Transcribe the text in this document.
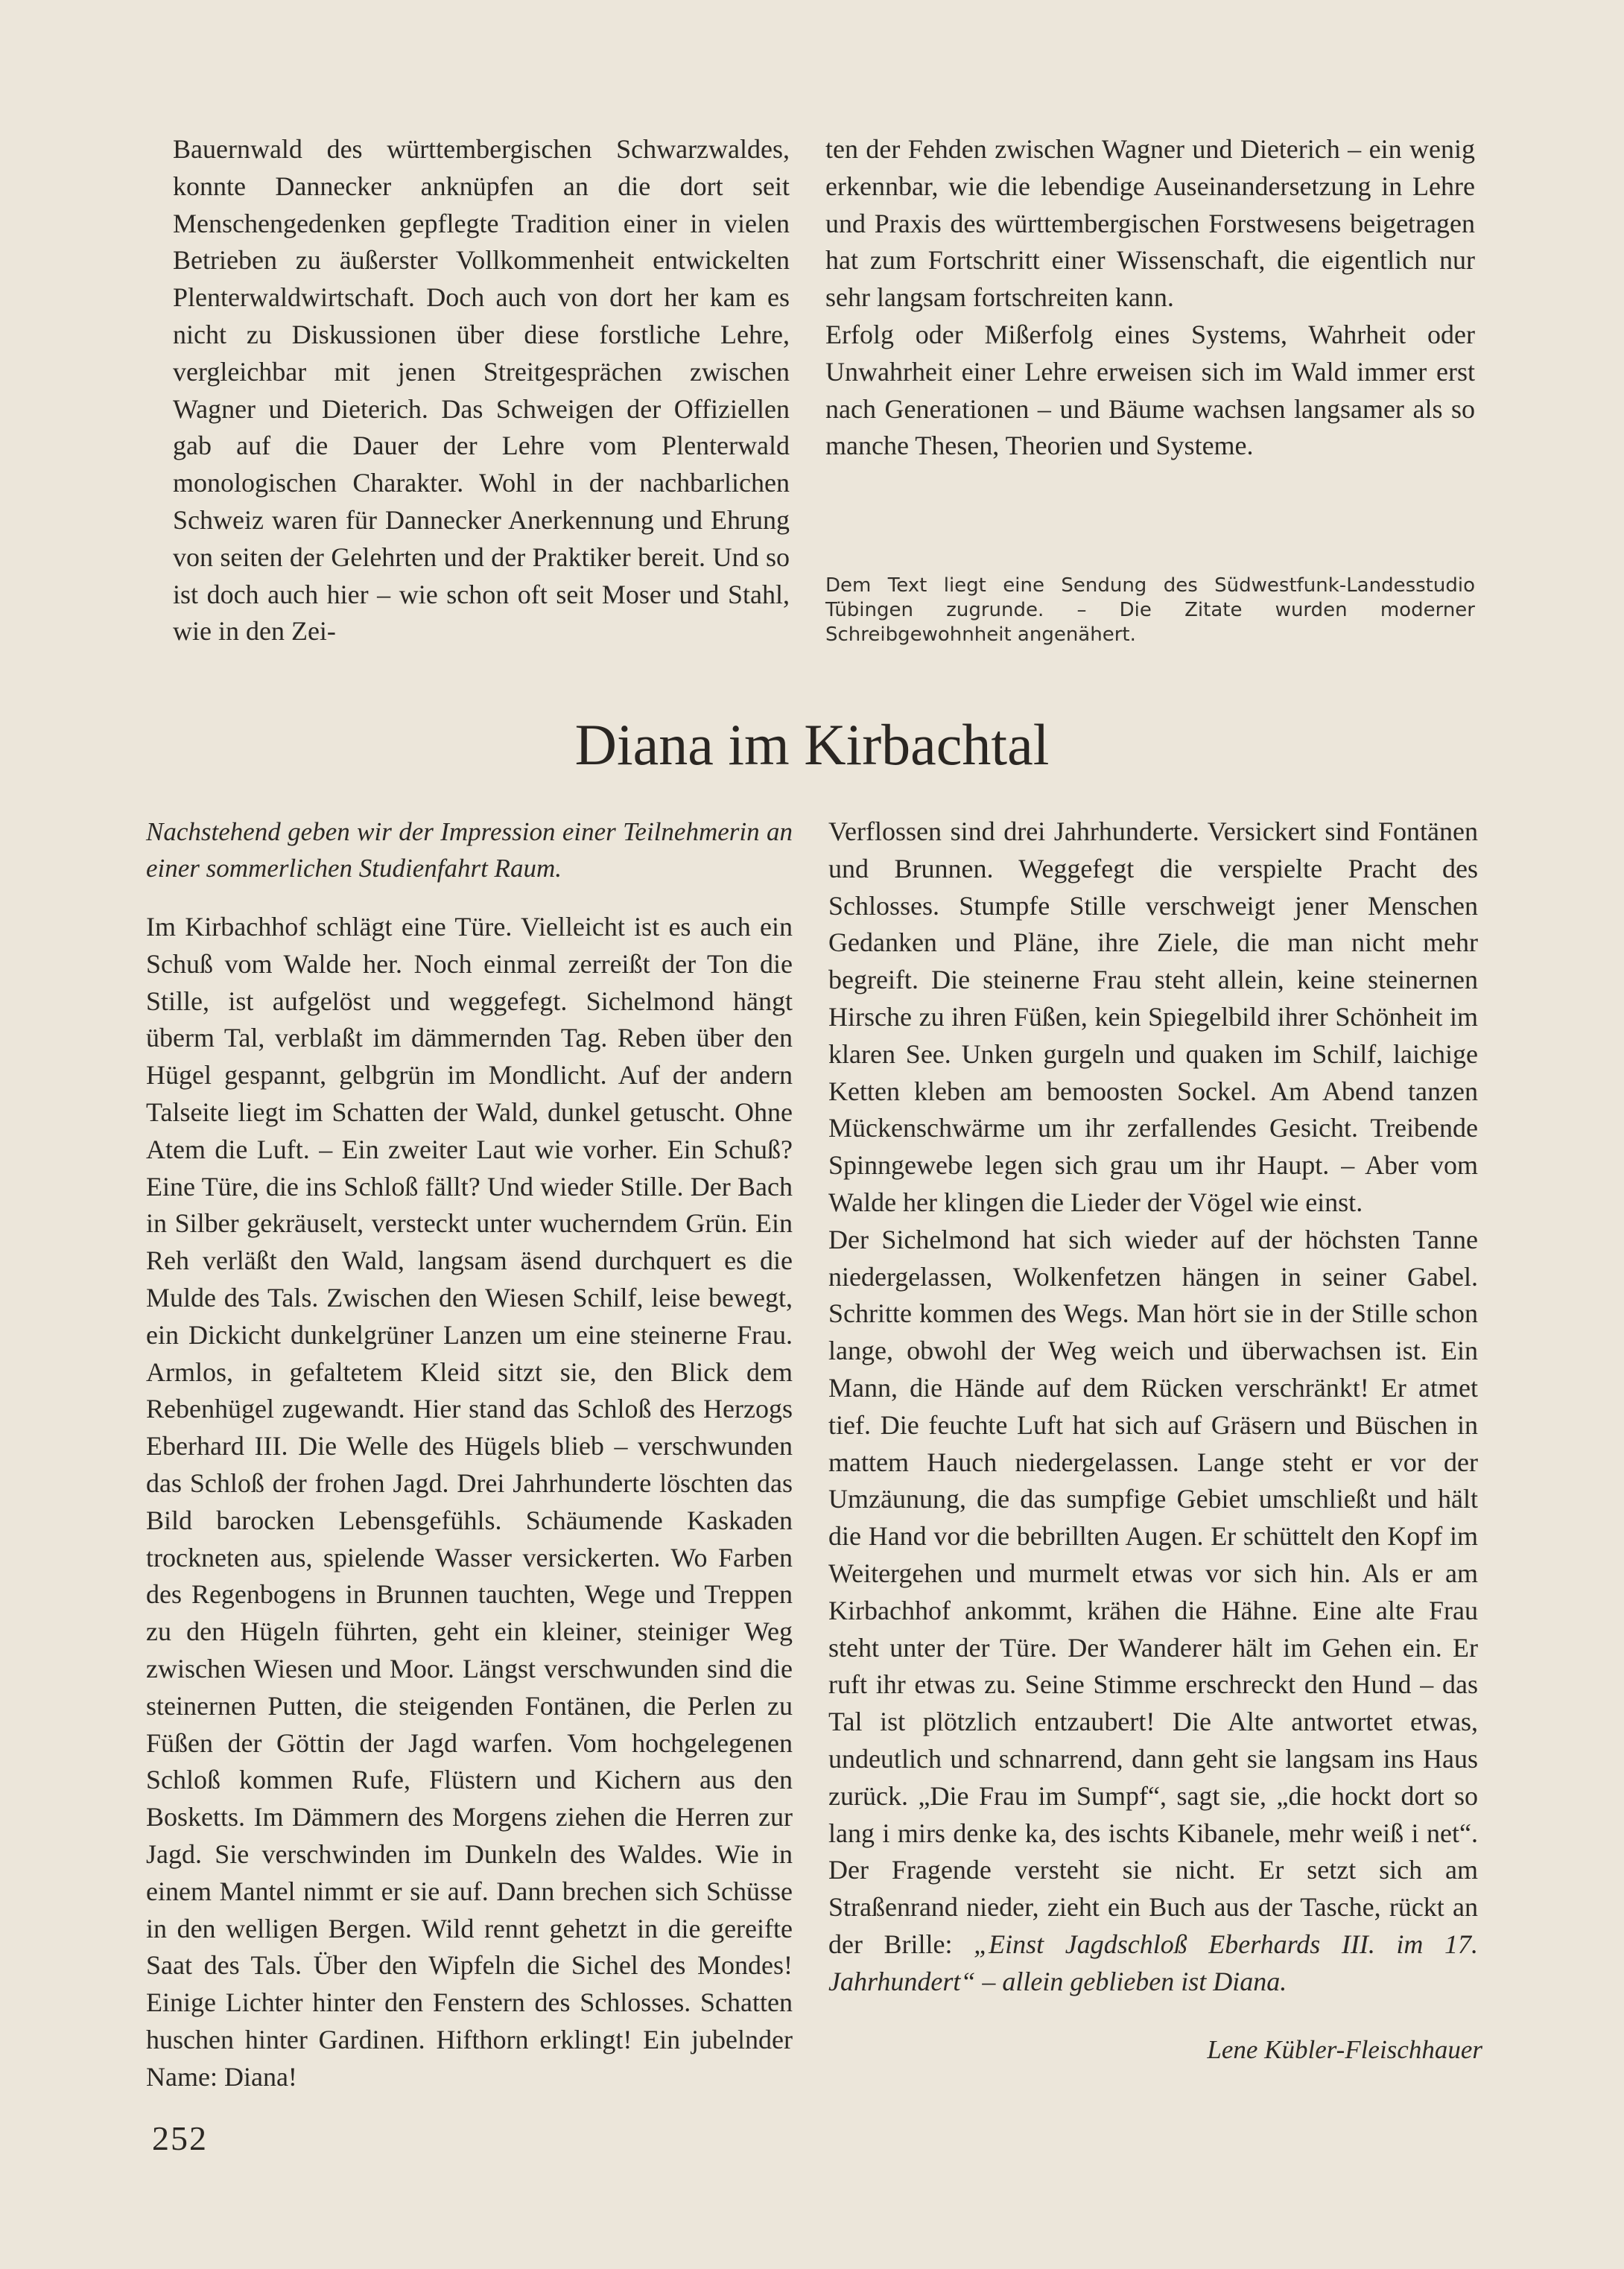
Bauernwald des württembergischen Schwarzwaldes, konnte Dannecker anknüpfen an die dort seit Menschengedenken gepflegte Tradition einer in vielen Betrieben zu äußerster Vollkommenheit entwickelten Plenterwaldwirtschaft. Doch auch von dort her kam es nicht zu Diskussionen über diese forstliche Lehre, vergleichbar mit jenen Streitgesprächen zwischen Wagner und Dieterich. Das Schweigen der Offiziellen gab auf die Dauer der Lehre vom Plenterwald monologischen Charakter. Wohl in der nachbarlichen Schweiz waren für Dannecker Anerkennung und Ehrung von seiten der Gelehrten und der Praktiker bereit. Und so ist doch auch hier – wie schon oft seit Moser und Stahl, wie in den Zei-

ten der Fehden zwischen Wagner und Dieterich – ein wenig erkennbar, wie die lebendige Auseinandersetzung in Lehre und Praxis des württembergischen Forstwesens beigetragen hat zum Fortschritt einer Wissenschaft, die eigentlich nur sehr langsam fortschreiten kann.

Erfolg oder Mißerfolg eines Systems, Wahrheit oder Unwahrheit einer Lehre erweisen sich im Wald immer erst nach Generationen – und Bäume wachsen langsamer als so manche Thesen, Theorien und Systeme.

Dem Text liegt eine Sendung des Südwestfunk-Landesstudio Tübingen zugrunde. – Die Zitate wurden moderner Schreibgewohnheit angenähert.
Diana im Kirbachtal
Nachstehend geben wir der Impression einer Teilnehmerin an einer sommerlichen Studienfahrt Raum.

Im Kirbachhof schlägt eine Türe. Vielleicht ist es auch ein Schuß vom Walde her. Noch einmal zerreißt der Ton die Stille, ist aufgelöst und weggefegt. Sichelmond hängt überm Tal, verblaßt im dämmernden Tag. Reben über den Hügel gespannt, gelbgrün im Mondlicht. Auf der andern Talseite liegt im Schatten der Wald, dunkel getuscht. Ohne Atem die Luft. – Ein zweiter Laut wie vorher. Ein Schuß? Eine Türe, die ins Schloß fällt? Und wieder Stille. Der Bach in Silber gekräuselt, versteckt unter wucherndem Grün. Ein Reh verläßt den Wald, langsam äsend durchquert es die Mulde des Tals. Zwischen den Wiesen Schilf, leise bewegt, ein Dickicht dunkelgrüner Lanzen um eine steinerne Frau. Armlos, in gefaltetem Kleid sitzt sie, den Blick dem Rebenhügel zugewandt. Hier stand das Schloß des Herzogs Eberhard III. Die Welle des Hügels blieb – verschwunden das Schloß der frohen Jagd. Drei Jahrhunderte löschten das Bild barocken Lebensgefühls. Schäumende Kaskaden trockneten aus, spielende Wasser versickerten. Wo Farben des Regenbogens in Brunnen tauchten, Wege und Treppen zu den Hügeln führten, geht ein kleiner, steiniger Weg zwischen Wiesen und Moor. Längst verschwunden sind die steinernen Putten, die steigenden Fontänen, die Perlen zu Füßen der Göttin der Jagd warfen. Vom hochgelegenen Schloß kommen Rufe, Flüstern und Kichern aus den Bosketts. Im Dämmern des Morgens ziehen die Herren zur Jagd. Sie verschwinden im Dunkeln des Waldes. Wie in einem Mantel nimmt er sie auf. Dann brechen sich Schüsse in den welligen Bergen. Wild rennt gehetzt in die gereifte Saat des Tals. Über den Wipfeln die Sichel des Mondes! Einige Lichter hinter den Fenstern des Schlosses. Schatten huschen hinter Gardinen. Hifthorn erklingt! Ein jubelnder Name: Diana!

Verflossen sind drei Jahrhunderte. Versickert sind Fontänen und Brunnen. Weggefegt die verspielte Pracht des Schlosses. Stumpfe Stille verschweigt jener Menschen Gedanken und Pläne, ihre Ziele, die man nicht mehr begreift. Die steinerne Frau steht allein, keine steinernen Hirsche zu ihren Füßen, kein Spiegelbild ihrer Schönheit im klaren See. Unken gurgeln und quaken im Schilf, laichige Ketten kleben am bemoosten Sockel. Am Abend tanzen Mückenschwärme um ihr zerfallendes Gesicht. Treibende Spinngewebe legen sich grau um ihr Haupt. – Aber vom Walde her klingen die Lieder der Vögel wie einst.

Der Sichelmond hat sich wieder auf der höchsten Tanne niedergelassen, Wolkenfetzen hängen in seiner Gabel. Schritte kommen des Wegs. Man hört sie in der Stille schon lange, obwohl der Weg weich und überwachsen ist. Ein Mann, die Hände auf dem Rücken verschränkt! Er atmet tief. Die feuchte Luft hat sich auf Gräsern und Büschen in mattem Hauch niedergelassen. Lange steht er vor der Umzäunung, die das sumpfige Gebiet umschließt und hält die Hand vor die bebrillten Augen. Er schüttelt den Kopf im Weitergehen und murmelt etwas vor sich hin. Als er am Kirbachhof ankommt, krähen die Hähne. Eine alte Frau steht unter der Türe. Der Wanderer hält im Gehen ein. Er ruft ihr etwas zu. Seine Stimme erschreckt den Hund – das Tal ist plötzlich entzaubert! Die Alte antwortet etwas, undeutlich und schnarrend, dann geht sie langsam ins Haus zurück. „Die Frau im Sumpf“, sagt sie, „die hockt dort so lang i mirs denke ka, des ischts Kibanele, mehr weiß i net“. Der Fragende versteht sie nicht. Er setzt sich am Straßenrand nieder, zieht ein Buch aus der Tasche, rückt an der Brille: „Einst Jagdschloß Eberhards III. im 17. Jahrhundert“ – allein geblieben ist Diana.

Lene Kübler-Fleischhauer
252
